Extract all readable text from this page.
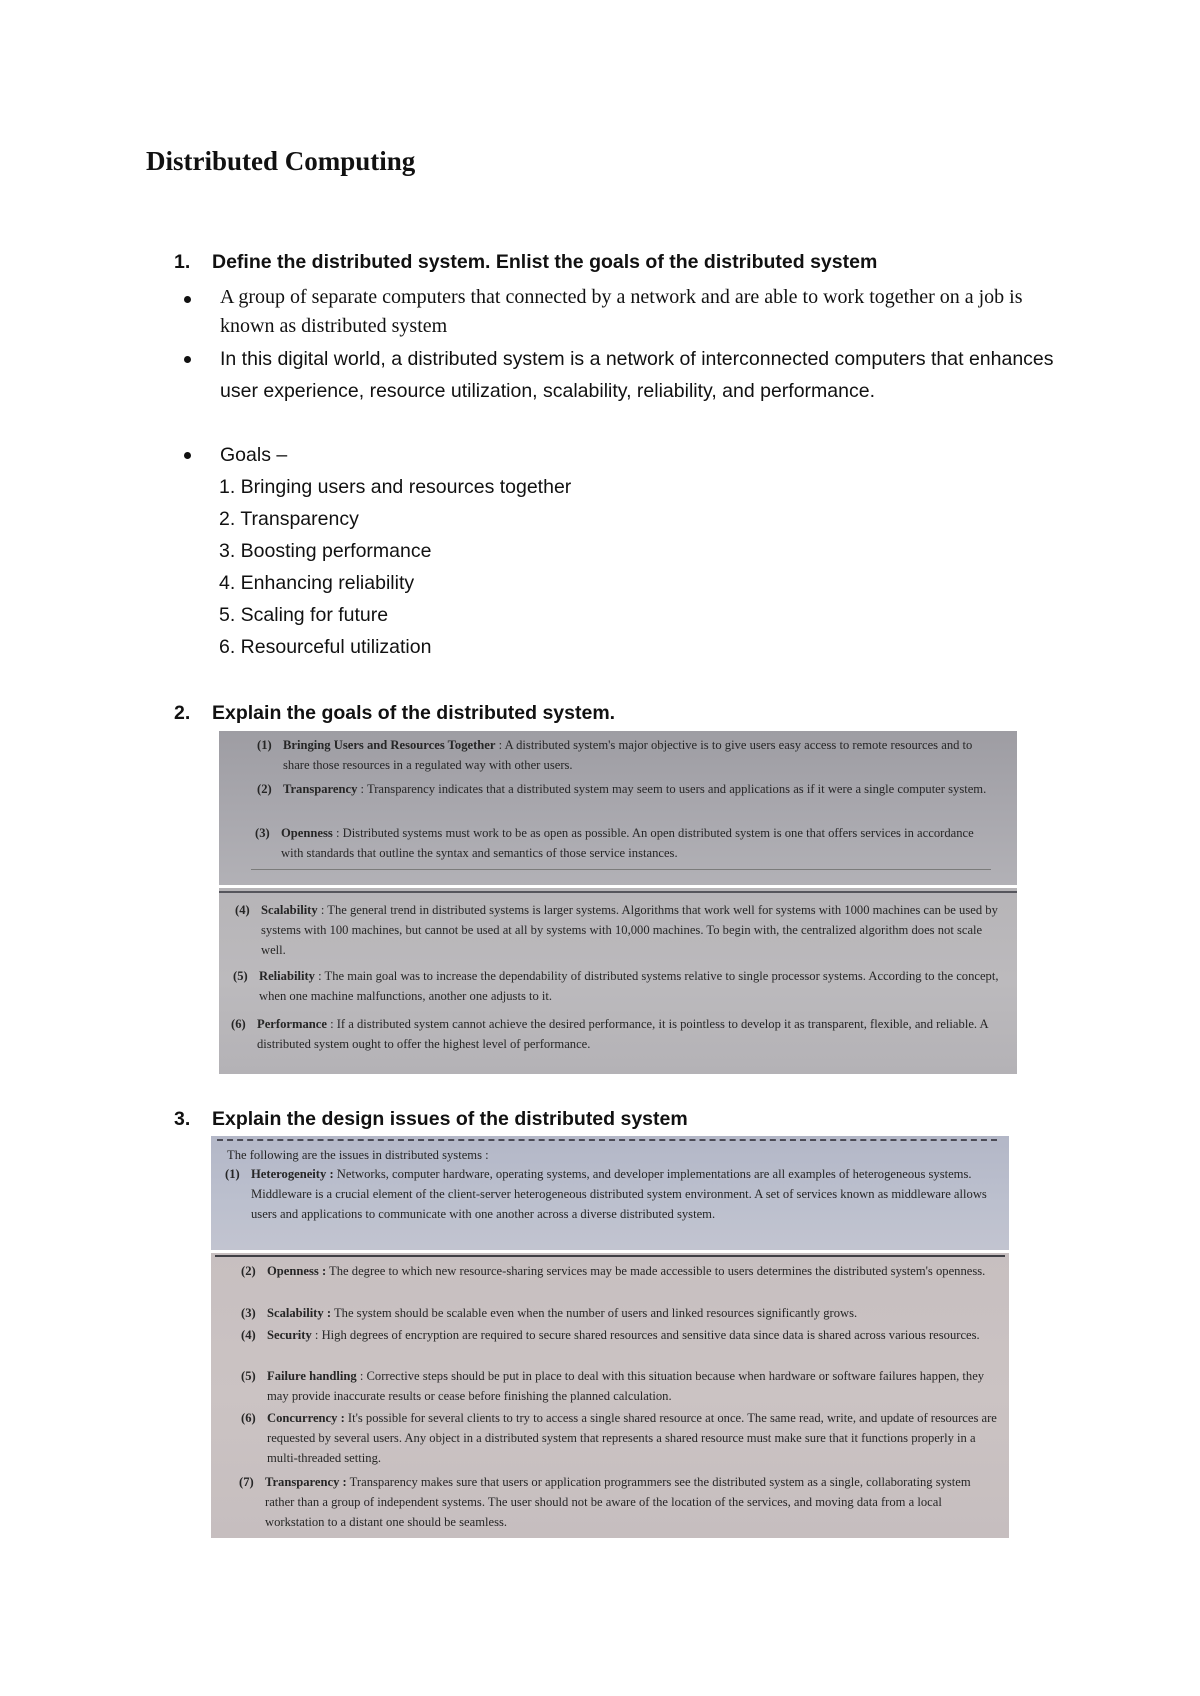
Distributed Computing
1. Define the distributed system. Enlist the goals of the distributed system
A group of separate computers that connected by a network and are able to work together on a job is known as distributed system
In this digital world, a distributed system is a network of interconnected computers that enhances user experience, resource utilization, scalability, reliability, and performance.
Goals –
1. Bringing users and resources together
2. Transparency
3. Boosting performance
4. Enhancing reliability
5. Scaling for future
6. Resourceful utilization
2. Explain the goals of the distributed system.
(1) Bringing Users and Resources Together : A distributed system's major objective is to give users easy access to remote resources and to share those resources in a regulated way with other users.
(2) Transparency : Transparency indicates that a distributed system may seem to users and applications as if it were a single computer system.
(3) Openness : Distributed systems must work to be as open as possible. An open distributed system is one that offers services in accordance with standards that outline the syntax and semantics of those service instances.
(4) Scalability : The general trend in distributed systems is larger systems. Algorithms that work well for systems with 1000 machines can be used by systems with 100 machines, but cannot be used at all by systems with 10,000 machines. To begin with, the centralized algorithm does not scale well.
(5) Reliability : The main goal was to increase the dependability of distributed systems relative to single processor systems. According to the concept, when one machine malfunctions, another one adjusts to it.
(6) Performance : If a distributed system cannot achieve the desired performance, it is pointless to develop it as transparent, flexible, and reliable. A distributed system ought to offer the highest level of performance.
3. Explain the design issues of the distributed system
The following are the issues in distributed systems :
(1) Heterogeneity : Networks, computer hardware, operating systems, and developer implementations are all examples of heterogeneous systems. Middleware is a crucial element of the client-server heterogeneous distributed system environment. A set of services known as middleware allows users and applications to communicate with one another across a diverse distributed system.
(2) Openness : The degree to which new resource-sharing services may be made accessible to users determines the distributed system's openness.
(3) Scalability : The system should be scalable even when the number of users and linked resources significantly grows.
(4) Security : High degrees of encryption are required to secure shared resources and sensitive data since data is shared across various resources.
(5) Failure handling : Corrective steps should be put in place to deal with this situation because when hardware or software failures happen, they may provide inaccurate results or cease before finishing the planned calculation.
(6) Concurrency : It's possible for several clients to try to access a single shared resource at once. The same read, write, and update of resources are requested by several users. Any object in a distributed system that represents a shared resource must make sure that it functions properly in a multi-threaded setting.
(7) Transparency : Transparency makes sure that users or application programmers see the distributed system as a single, collaborating system rather than a group of independent systems. The user should not be aware of the location of the services, and moving data from a local workstation to a distant one should be seamless.
